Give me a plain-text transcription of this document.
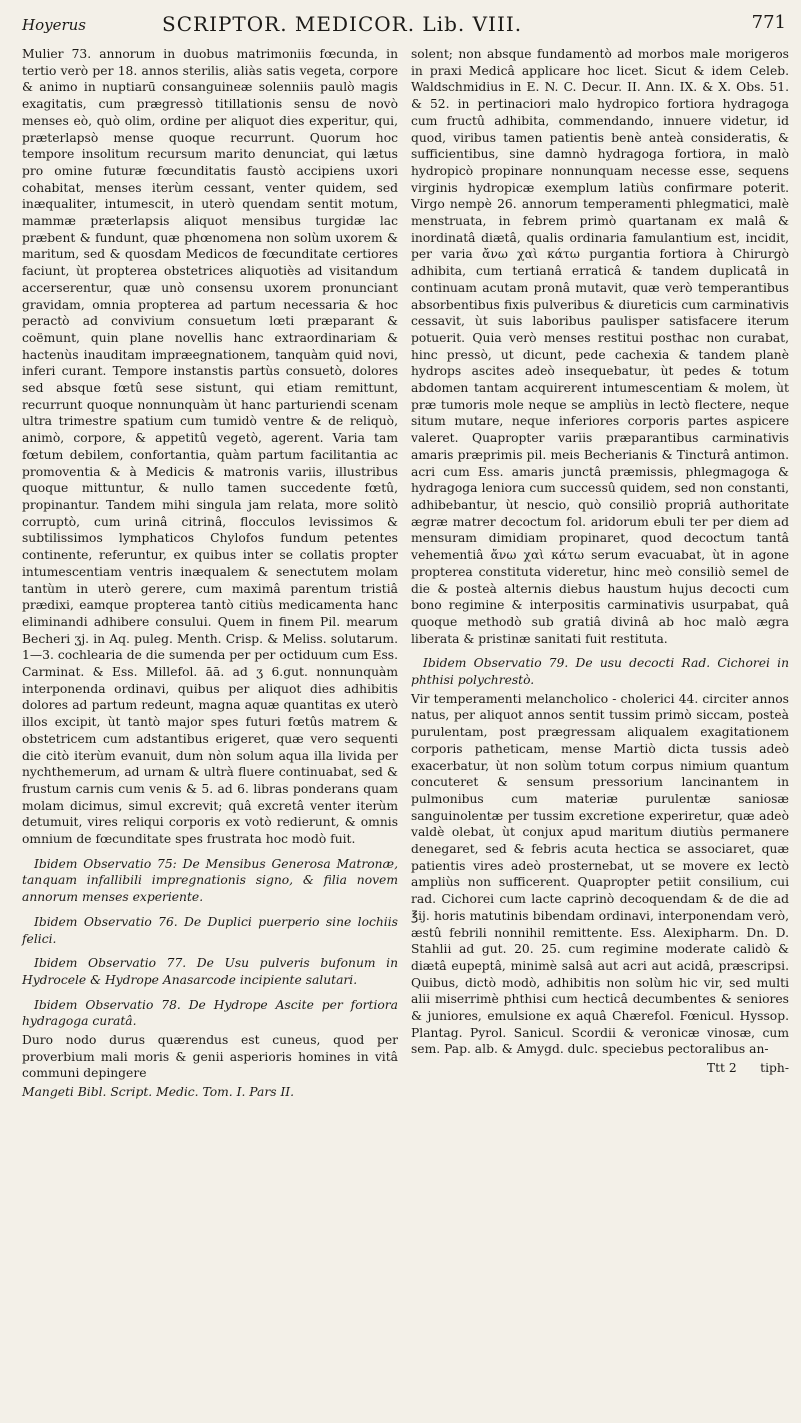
Hoyerus	SCRIPTOR. MEDICOR. Lib. VIII.	771

Mulier 73. annorum in duobus matrimoniis fœcunda, in tertio verò per 18. annos sterilis, aliàs satis vegeta, corpore & animo in nuptiarū consanguineæ solenniis paulò magis exagitatis, cum prægressò titillationis sensu de novò menses eò, quò olim, ordine per aliquot dies experitur, qui, præterlapsò mense quoque recurrunt. Quorum hoc tempore insolitum recursum marito denunciat, qui lætus pro omine futuræ fœcunditatis faustò accipiens uxori cohabitat, menses iterùm cessant, venter quidem, sed inæqualiter, intumescit, in uterò quendam sentit motum, mammæ præterlapsis aliquot mensibus turgidæ lac præbent & fundunt, quæ phœnomena non solùm uxorem & maritum, sed & quosdam Medicos de fœcunditate certiores faciunt, ùt propterea obstetrices aliquotiès ad visitandum accerserentur, quæ unò consensu uxorem pronunciant gravidam, omnia propterea ad partum necessaria & hoc peractò ad convivium consuetum lœti præparant & coëmunt, quin plane novellis hanc extraordinariam & hactenùs inauditam impræegnationem, tanquàm quid novi, inferi curant. Tempore instanstis partùs consuetò, dolores sed absque fœtû sese sistunt, qui etiam remittunt, recurrunt quoque nonnunquàm ùt hanc parturiendi scenam ultra trimestre spatium cum tumidò ventre & de reliquò, animò, corpore, & appetitû vegetò, agerent. Varia tam fœtum debilem, confortantia, quàm partum facilitantia ac promoventia & à Medicis & matronis variis, illustribus quoque mittuntur, & nullo tamen succedente fœtû, propinantur. Tandem mihi singula jam relata, more solitò corruptò, cum urinâ citrinâ, flocculos levissimos & subtilissimos lymphaticos Chylofos fundum petentes continente, referuntur, ex quibus inter se collatis propter intumescentiam ventris inæqualem & senectutem molam tantùm in uterò gerere, cum maximâ parentum tristiâ prædixi, eamque propterea tantò citiùs medicamenta hanc eliminandi adhibere consului. Quem in finem Pil. mearum Becheri ʒj. in Aq. puleg. Menth. Crisp. & Meliss. solutarum. 1—3. cochlearia de die sumenda per per octiduum cum Ess. Carminat. & Ess. Millefol. āā. ad ʒ 6.gut. nonnunquàm interponenda ordinavi, quibus per aliquot dies adhibitis dolores ad partum redeunt, magna aquæ quantitas ex uterò illos excipit, ùt tantò major spes futuri fœtûs matrem & obstetricem cum adstantibus erigeret, quæ vero sequenti die citò iterùm evanuit, dum nòn solum aqua illa livida per nychthemerum, ad urnam & ultrà fluere continuabat, sed & frustum carnis cum venis & 5. ad 6. libras ponderans quam molam dicimus, simul excrevit; quâ excretâ venter iterùm detumuit, vires reliqui corporis ex votò redierunt, & omnis omnium de fœcunditate spes frustrata hoc modò fuit.

Ibidem Observatio 75: De Mensibus Generosa Matronæ, tanquam infallibili impregnationis signo, & filia novem annorum menses experiente.

Ibidem Observatio 76. De Duplici puerperio sine lochiis felici.

Ibidem Observatio 77. De Usu pulveris bufonum in Hydrocele & Hydrope Anasarcode incipiente salutari.

Ibidem Observatio 78. De Hydrope Ascite per fortiora hydragoga curatâ.

Duro nodo durus quærendus est cuneus, quod per proverbium mali moris & genii asperioris homines in vitâ communi depingere

Mangeti Bibl. Script. Medic. Tom. I. Pars II.

solent; non absque fundamentò ad morbos male morigeros in praxi Medicâ applicare hoc licet. Sicut & idem Celeb. Waldschmidius in E. N. C. Decur. II. Ann. IX. & X. Obs. 51. & 52. in pertinaciori malo hydropico fortiora hydragoga cum fructû adhibita, commendando, innuere videtur, id quod, viribus tamen patientis benè anteà consideratis, & sufficientibus, sine damnò hydragoga fortiora, in malò hydropicò propinare nonnunquam necesse esse, sequens virginis hydropicæ exemplum latiùs confirmare poterit. Virgo nempè 26. annorum temperamenti phlegmatici, malè menstruata, in febrem primò quartanam ex malâ & inordinatâ diætâ, qualis ordinaria famulantium est, incidit, per varia ἄνω χαὶ κάτω purgantia fortiora à Chirurgò adhibita, cum tertianâ erraticâ & tandem duplicatâ in continuam acutam pronâ mutavit, quæ verò temperantibus absorbentibus fixis pulveribus & diureticis cum carminativis cessavit, ùt suis laboribus paulisper satisfacere iterum potuerit. Quia verò menses restitui posthac non curabat, hinc pressò, ut dicunt, pede cachexia & tandem planè hydrops ascites adeò insequebatur, ùt pedes & totum abdomen tantam acquirerent intumescentiam & molem, ùt præ tumoris mole neque se ampliùs in lectò flectere, neque situm mutare, neque inferiores corporis partes aspicere valeret. Quapropter variis præparantibus carminativis amaris præprimis pil. meis Becherianis & Tincturâ antimon. acri cum Ess. amaris junctâ præmissis, phlegmagoga & hydragoga leniora cum successû quidem, sed non constanti, adhibebantur, ùt nescio, quò consiliò propriâ authoritate ægræ matrer decoctum fol. aridorum ebuli ter per diem ad mensuram dimidiam propinaret, quod decoctum tantâ vehementiâ ἄνω χαὶ κάτω serum evacuabat, ùt in agone propterea constituta videretur, hinc meò consiliò semel de die & posteà alternis diebus haustum hujus decocti cum bono regimine & interpositis carminativis usurpabat, quâ quoque methodò sub gratiâ divinâ ab hoc malò ægra liberata & pristinæ sanitati fuit restituta.

Ibidem Observatio 79. De usu decocti Rad. Cichorei in phthisi polychrestò.

Vir temperamenti melancholico - cholerici 44. circiter annos natus, per aliquot annos sentit tussim primò siccam, posteà purulentam, post prægressam aliqualem exagitationem corporis patheticam, mense Martiò dicta tussis adeò exacerbatur, ùt non solùm totum corpus nimium quantum concuteret & sensum pressorium lancinantem in pulmonibus cum materiæ purulentæ saniosæ sanguinolentæ per tussim excretione experiretur, quæ adeò valdè olebat, ùt conjux apud maritum diutiùs permanere denegaret, sed & febris acuta hectica se associaret, quæ patientis vires adeò prosternebat, ut se movere ex lectò ampliùs non sufficerent. Quapropter petiit consilium, cui rad. Cichorei cum lacte caprinò decoquendam & de die ad ℥ij. horis matutinis bibendam ordinavi, interponendam verò, æstû febrili nonnihil remittente. Ess. Alexipharm. Dn. D. Stahlii ad gut. 20. 25. cum regimine moderate calidò & diætâ eupeptâ, minimè salsâ aut acri aut acidâ, præscripsi. Quibus, dictò modò, adhibitis non solùm hic vir, sed multi alii miserrimè phthisi cum hecticâ decumbentes & seniores & juniores, emulsione ex aquâ Chærefol. Fœnicul. Hyssop. Plantag. Pyrol. Sanicul. Scordii & veronicæ vinosæ, cum sem. Pap. alb. & Amygd. dulc. speciebus pectoralibus an-

Ttt 2 tiph-
